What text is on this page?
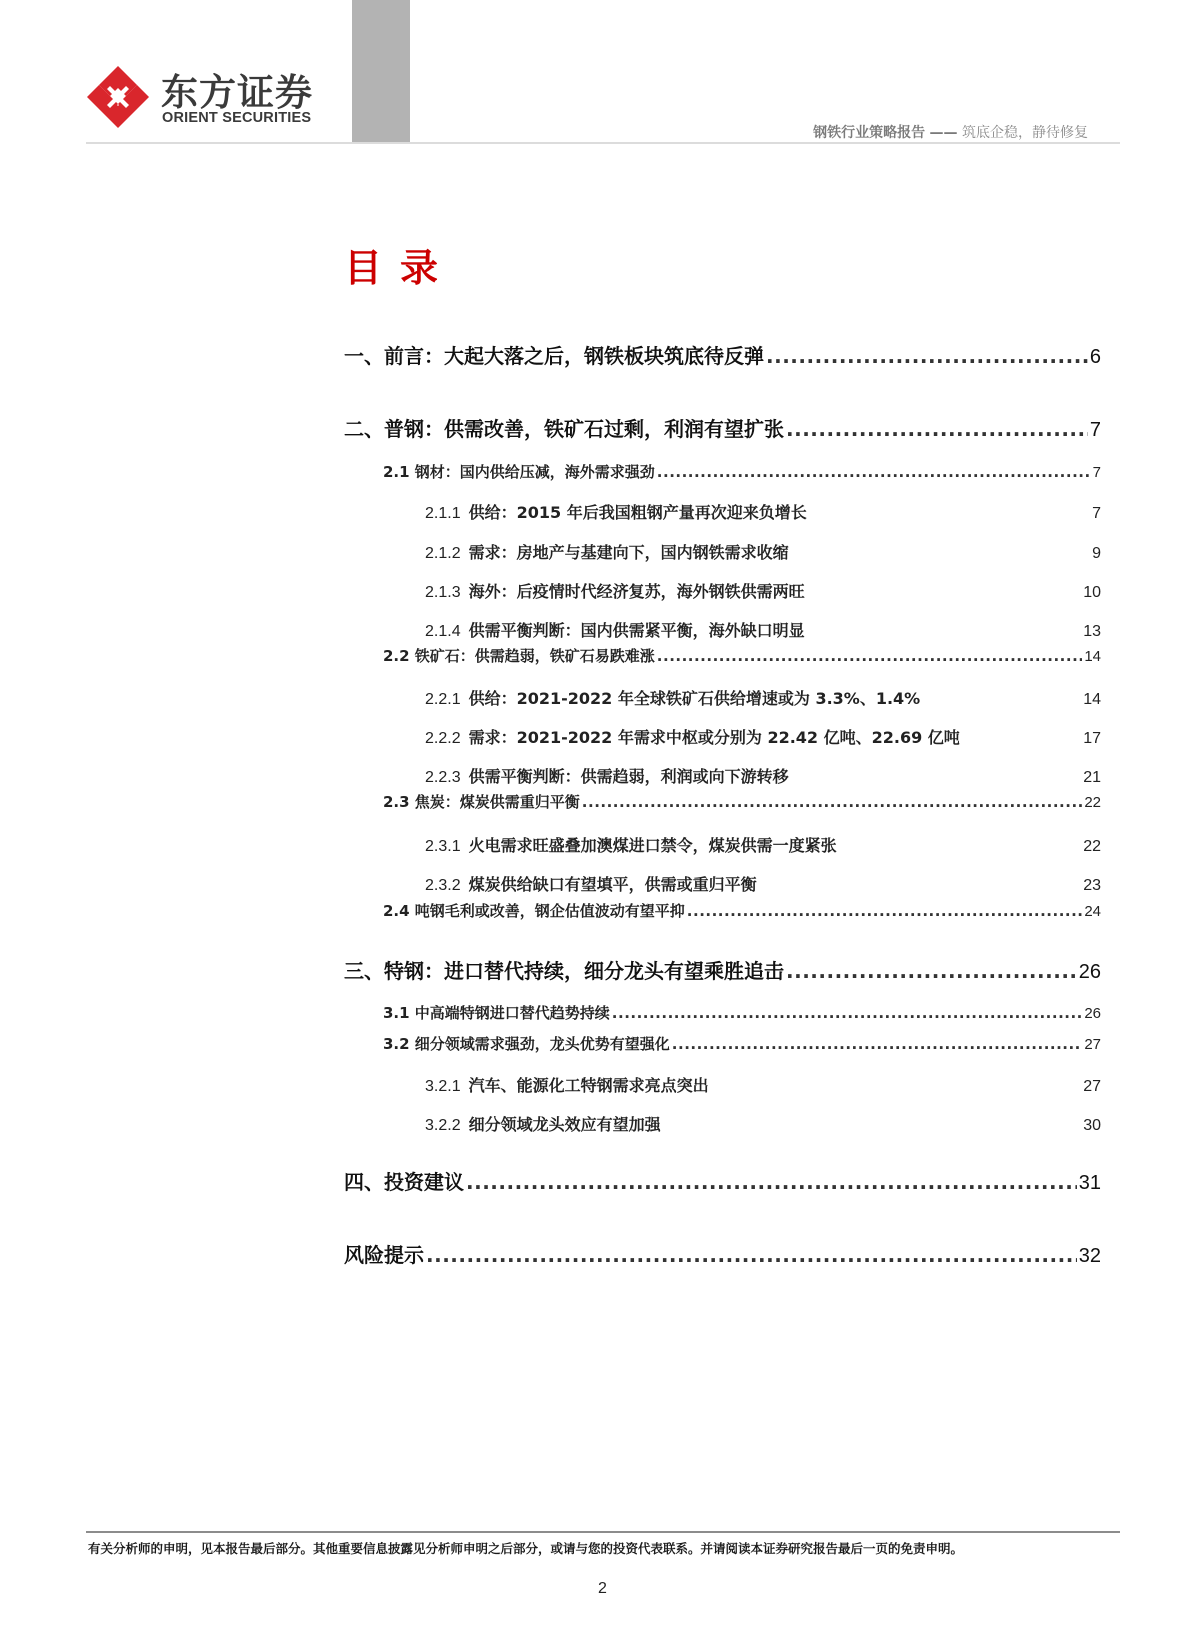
东方证券
ORIENT SECURITIES
钢铁行业策略报告 —— 筑底企稳，静待修复
目录
一、前言：大起大落之后，钢铁板块筑底待反弹 .....	6
二、普钢：供需改善，铁矿石过剩，利润有望扩张 .....	7
2.1 钢材：国内供给压减，海外需求强劲 .....	7
2.1.1 供给：2015 年后我国粗钢产量再次迎来负增长	7
2.1.2 需求：房地产与基建向下，国内钢铁需求收缩	9
2.1.3 海外：后疫情时代经济复苏，海外钢铁供需两旺	10
2.1.4 供需平衡判断：国内供需紧平衡，海外缺口明显	13
2.2 铁矿石：供需趋弱，铁矿石易跌难涨 .....	14
2.2.1 供给：2021-2022 年全球铁矿石供给增速或为 3.3%、1.4%	14
2.2.2 需求：2021-2022 年需求中枢或分别为 22.42 亿吨、22.69 亿吨	17
2.2.3 供需平衡判断：供需趋弱，利润或向下游转移	21
2.3 焦炭：煤炭供需重归平衡 .....	22
2.3.1 火电需求旺盛叠加澳煤进口禁令，煤炭供需一度紧张	22
2.3.2 煤炭供给缺口有望填平，供需或重归平衡	23
2.4 吨钢毛利或改善，钢企估值波动有望平抑 .....	24
三、特钢：进口替代持续，细分龙头有望乘胜追击 .....	26
3.1 中高端特钢进口替代趋势持续 .....	26
3.2 细分领域需求强劲，龙头优势有望强化 .....	27
3.2.1 汽车、能源化工特钢需求亮点突出	27
3.2.2 细分领域龙头效应有望加强	30
四、投资建议 .....	31
风险提示 .....	32
有关分析师的申明，见本报告最后部分。其他重要信息披露见分析师申明之后部分，或请与您的投资代表联系。并请阅读本证券研究报告最后一页的免责申明。
2
